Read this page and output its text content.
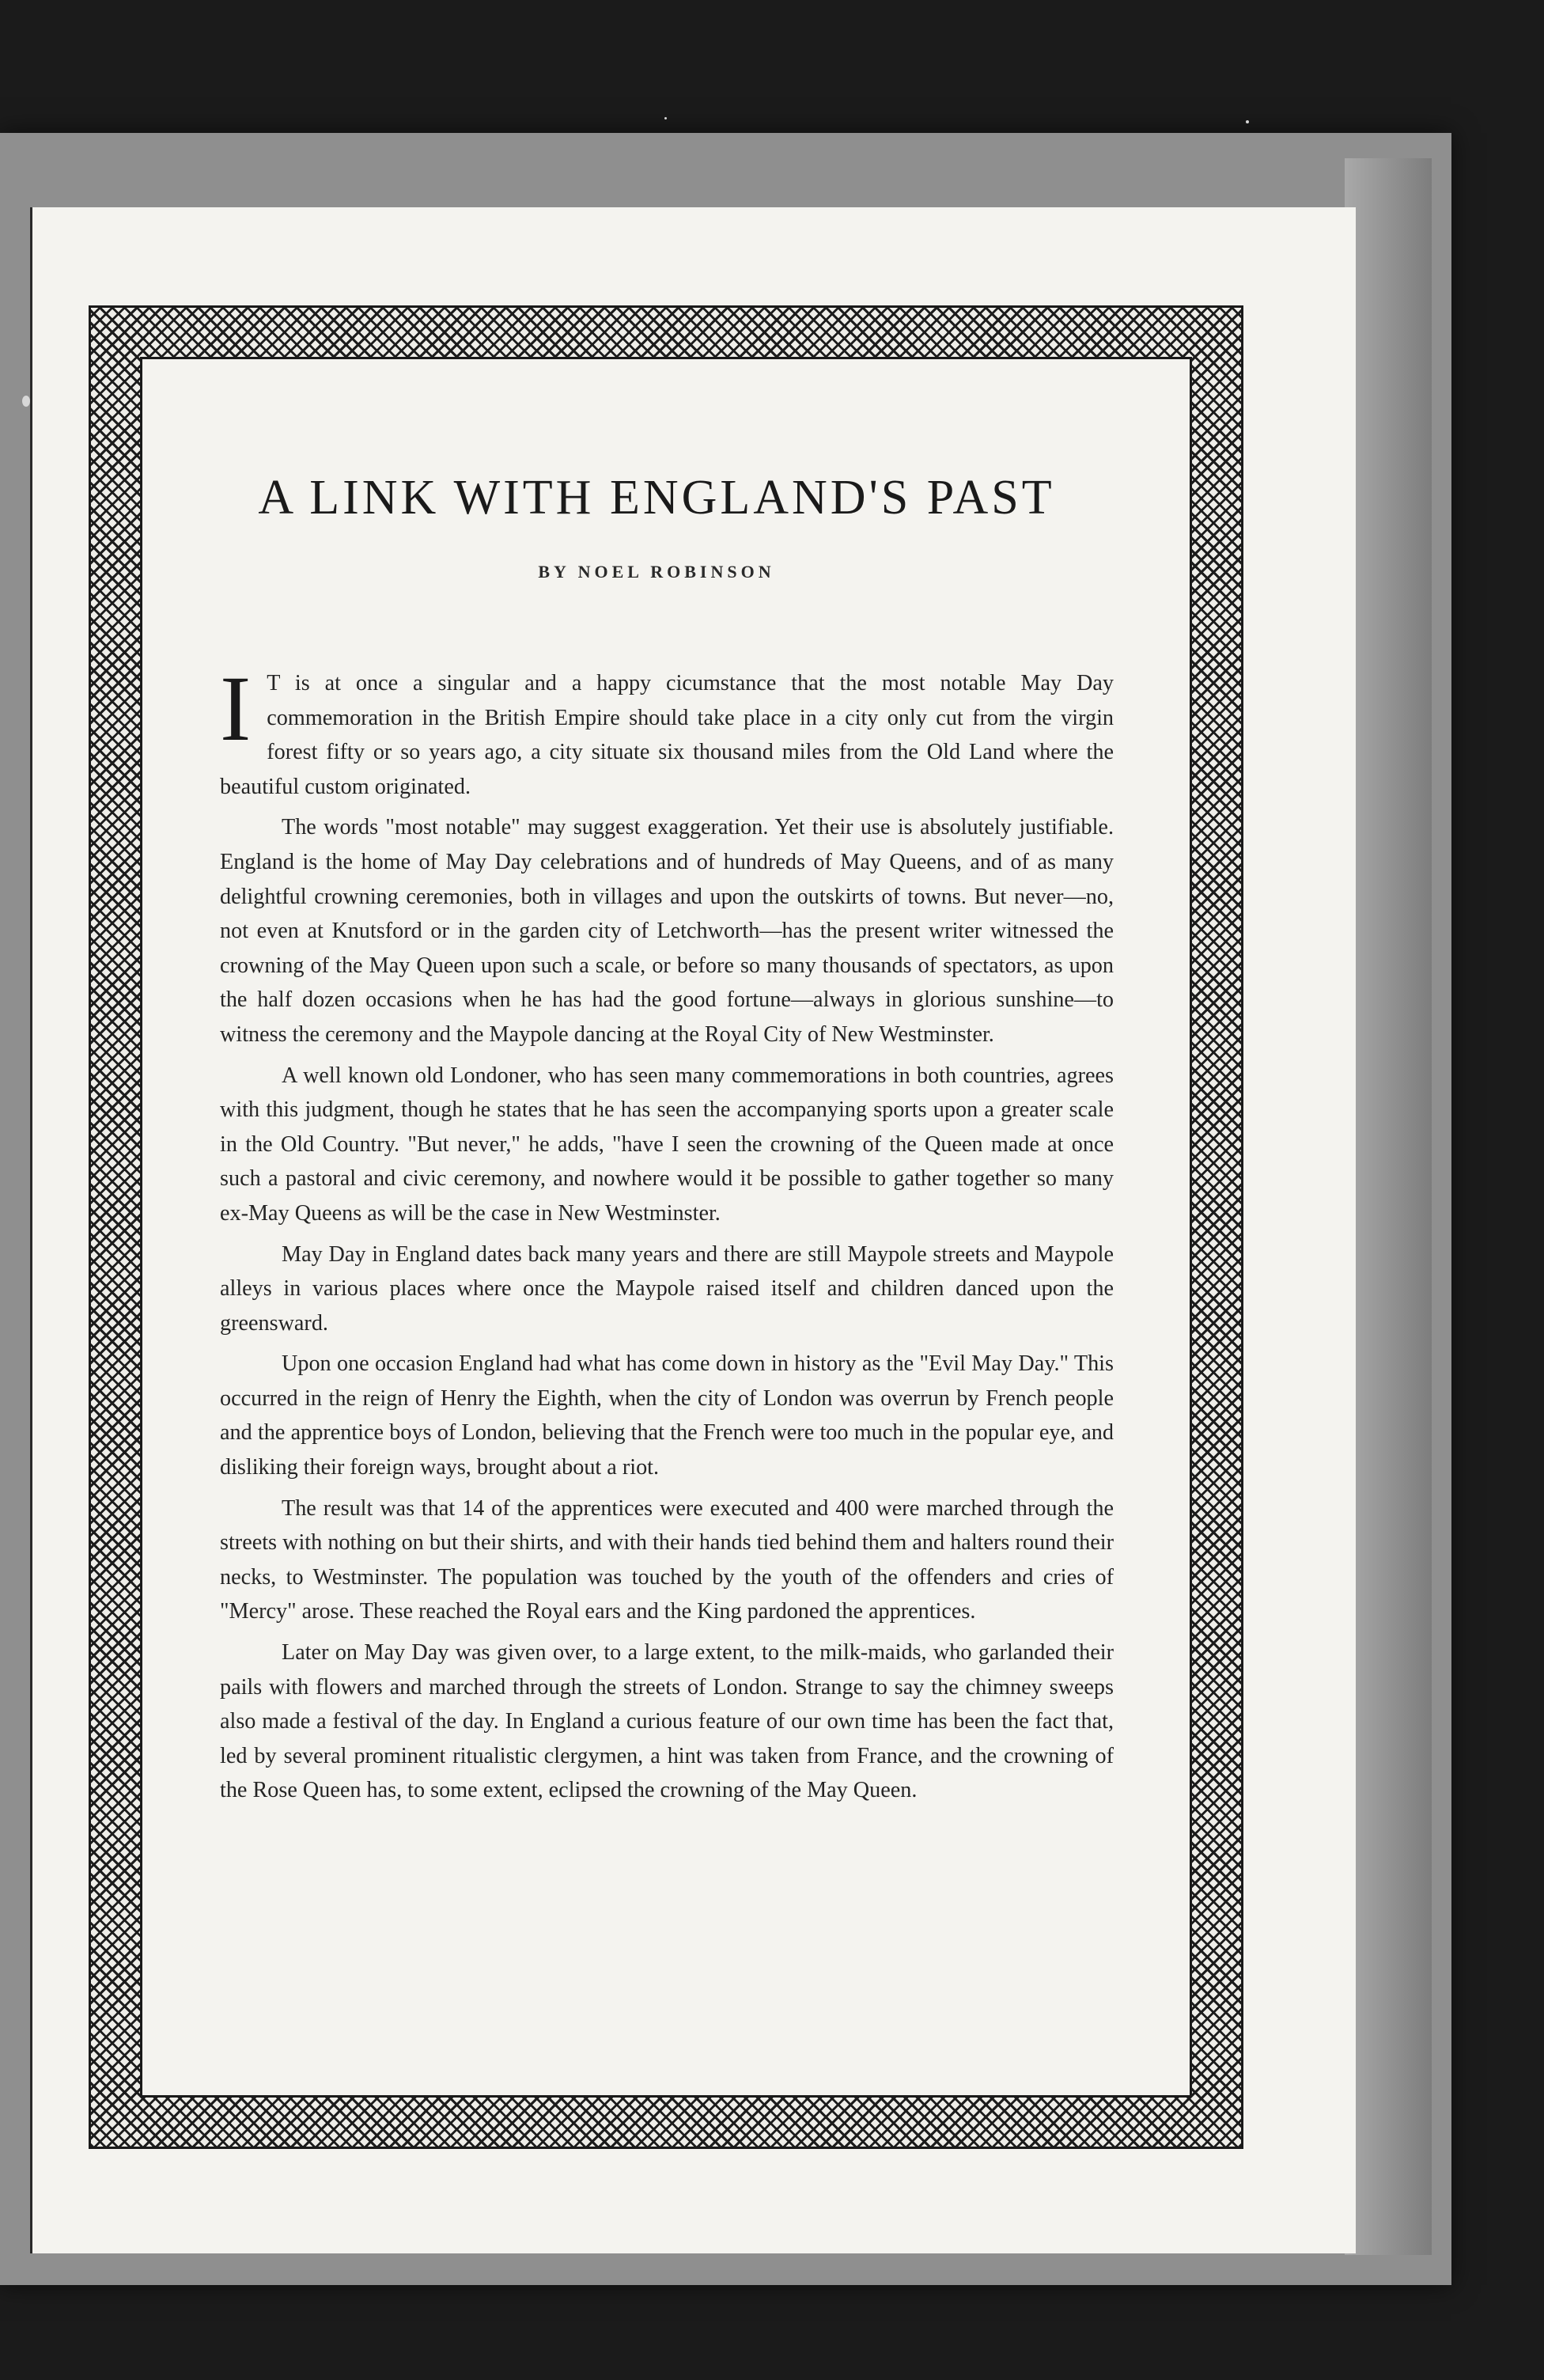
A LINK WITH ENGLAND'S PAST
BY NOEL ROBINSON

I T is at once a singular and a happy cicumstance that the most notable May Day commemoration in the British Empire should take place in a city only cut from the virgin forest fifty or so years ago, a city situate six thousand miles from the Old Land where the beautiful custom originated.

The words "most notable" may suggest exaggeration. Yet their use is absolutely justifiable. England is the home of May Day celebrations and of hundreds of May Queens, and of as many delightful crowning ceremonies, both in villages and upon the outskirts of towns. But never—no, not even at Knutsford or in the garden city of Letchworth—has the present writer witnessed the crowning of the May Queen upon such a scale, or before so many thousands of spectators, as upon the half dozen occasions when he has had the good fortune—always in glorious sunshine—to witness the ceremony and the Maypole dancing at the Royal City of New Westminster.

A well known old Londoner, who has seen many commemorations in both countries, agrees with this judgment, though he states that he has seen the accompanying sports upon a greater scale in the Old Country. "But never," he adds, "have I seen the crowning of the Queen made at once such a pastoral and civic ceremony, and nowhere would it be possible to gather together so many ex-May Queens as will be the case in New Westminster.

May Day in England dates back many years and there are still Maypole streets and Maypole alleys in various places where once the Maypole raised itself and children danced upon the greensward.

Upon one occasion England had what has come down in history as the "Evil May Day." This occurred in the reign of Henry the Eighth, when the city of London was overrun by French people and the apprentice boys of London, believing that the French were too much in the popular eye, and disliking their foreign ways, brought about a riot.

The result was that 14 of the apprentices were executed and 400 were marched through the streets with nothing on but their shirts, and with their hands tied behind them and halters round their necks, to Westminster. The population was touched by the youth of the offenders and cries of "Mercy" arose. These reached the Royal ears and the King pardoned the apprentices.

Later on May Day was given over, to a large extent, to the milk-maids, who garlanded their pails with flowers and marched through the streets of London. Strange to say the chimney sweeps also made a festival of the day. In England a curious feature of our own time has been the fact that, led by several prominent ritualistic clergymen, a hint was taken from France, and the crowning of the Rose Queen has, to some extent, eclipsed the crowning of the May Queen.
